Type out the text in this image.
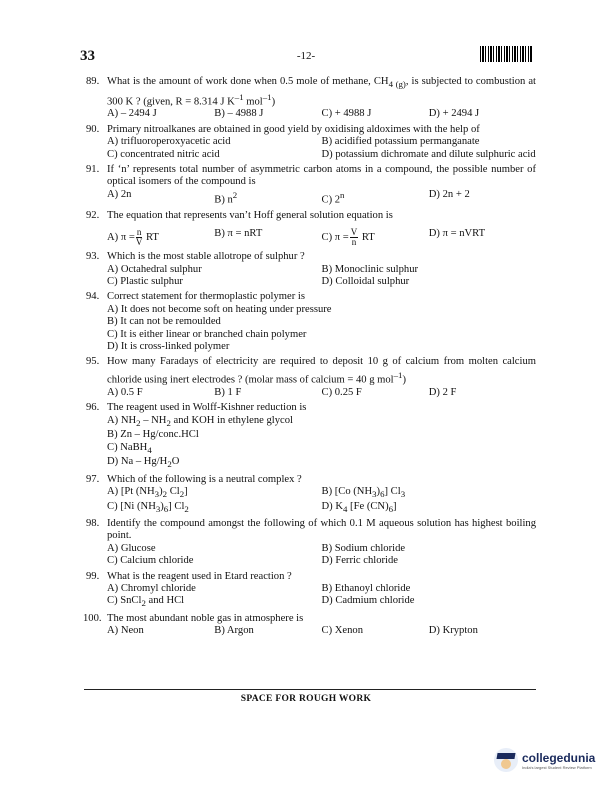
33	-12-
89. What is the amount of work done when 0.5 mole of methane, $CH_{4 (g)}$, is subjected to combustion at 300 K ? (given, R = 8.314 J $K^{-1}$ mol$^{-1}$)
A) – 2494 J	B) – 4988 J	C) + 4988 J	D) + 2494 J
90. Primary nitroalkanes are obtained in good yield by oxidising aldoximes with the help of
A) trifluoroperoxyacetic acid	B) acidified potassium permanganate
C) concentrated nitric acid	D) potassium dichromate and dilute sulphuric acid
91. If ‘n’ represents total number of asymmetric carbon atoms in a compound, the possible number of optical isomers of the compound is
A) 2n
B) $n^2$	C) 2$^n$	D) 2n + 2
92. The equation that represents van’t Hoff general solution equation is
A) $\pi = \frac{n}{V}$ RT	B) π = nRT	C) $\pi = \frac{V}{n}$ RT	D) π = nVRT
93. Which is the most stable allotrope of sulphur ?
A) Octahedral sulphur	B) Monoclinic sulphur
C) Plastic sulphur	D) Colloidal sulphur
94. Correct statement for thermoplastic polymer is
A) It does not become soft on heating under pressure
B) It can not be remoulded
C) It is either linear or branched chain polymer
D) It is cross-linked polymer
95. How many Faradays of electricity are required to deposit 10 g of calcium from molten calcium chloride using inert electrodes ? (molar mass of calcium = 40 g mol$^{-1}$)
A) 0.5 F	B) 1 F	C) 0.25 F	D) 2 F
96. The reagent used in Wolff-Kishner reduction is
A) $NH_2 - NH_2$ and KOH in ethylene glycol
B) Zn – Hg/conc.HCl
C) NaBH$_4$
D) Na – $Hg/H_2O$
97. Which of the following is a neutral complex ?
A) [Pt $(NH_3)_2$ $Cl_2$]	B) [Co $(NH_3)_6$] $Cl_3$
C) [Ni $(NH_3)_6$] $Cl_2$	D) $K_4$ [Fe $(CN)_6$]
98. Identify the compound amongst the following of which 0.1 M aqueous solution has highest boiling point.
A) Glucose	B) Sodium chloride
C) Calcium chloride	D) Ferric chloride
99. What is the reagent used in Etard reaction ?
A) Chromyl chloride	B) Ethanoyl chloride
C) SnCl$_2$ and HCl	D) Cadmium chloride
100. The most abundant noble gas in atmosphere is
A) Neon	B) Argon	C) Xenon	D) Krypton
SPACE FOR ROUGH WORK
collegedunia
India's largest Student Review Platform
